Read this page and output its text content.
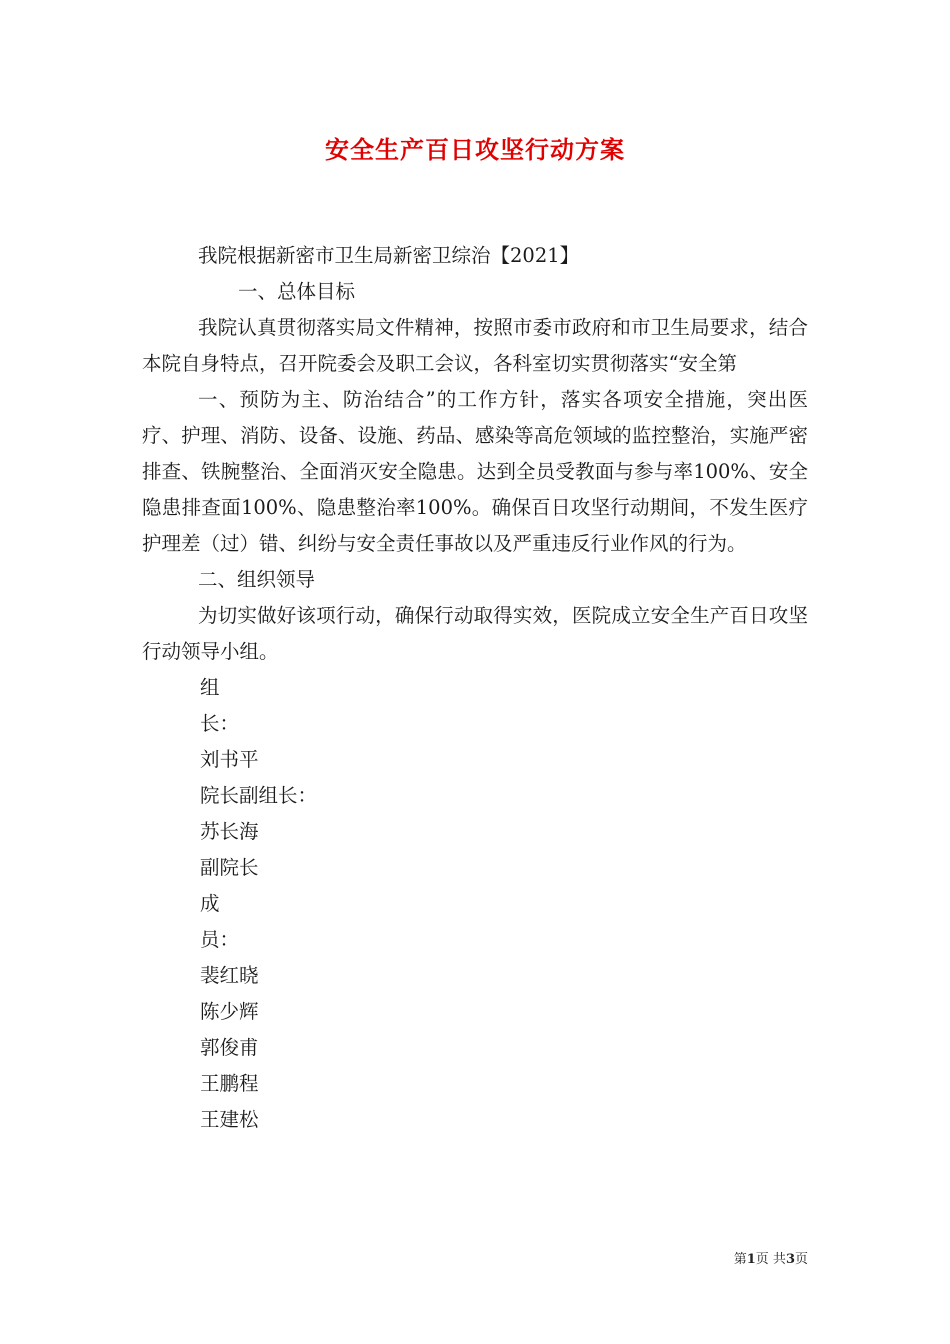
安全生产百日攻坚行动方案

我院根据新密市卫生局新密卫综治【2021】

一、总体目标

我院认真贯彻落实局文件精神，按照市委市政府和市卫生局要求，结合本院自身特点，召开院委会及职工会议，各科室切实贯彻落实“安全第

一、预防为主、防治结合”的工作方针，落实各项安全措施，突出医疗、护理、消防、设备、设施、药品、感染等高危领域的监控整治，实施严密排查、铁腕整治、全面消灭安全隐患。达到全员受教面与参与率100%、安全隐患排查面100%、隐患整治率100%。确保百日攻坚行动期间，不发生医疗护理差（过）错、纠纷与安全责任事故以及严重违反行业作风的行为。

二、组织领导

为切实做好该项行动，确保行动取得实效，医院成立安全生产百日攻坚行动领导小组。

组

长：

刘书平

院长副组长：

苏长海

副院长

成

员：

裴红晓

陈少辉

郭俊甫

王鹏程

王建松

第1页 共3页
